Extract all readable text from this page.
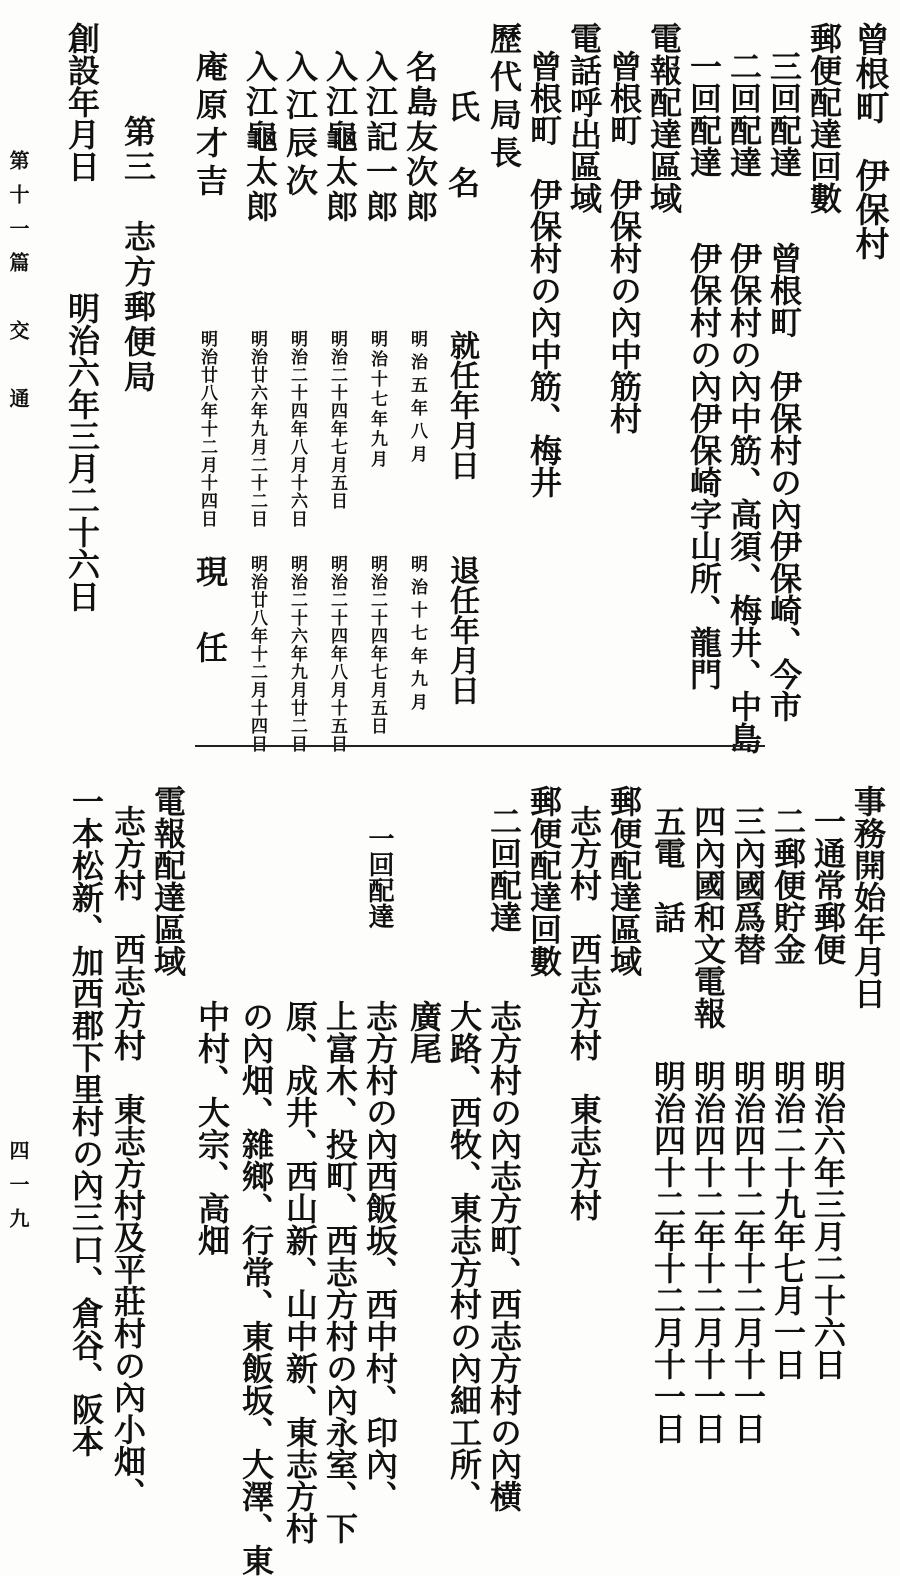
第十一篇　交　通
四一九
曾根町　伊保村
郵便配達回數
三回配達　　曾根町　伊保村の內伊保崎、今市
二回配達　　伊保村の內中筋、高須、梅井、中島
一回配達　　伊保村の內伊保崎字山所、龍門
電報配達區域
曾根町　伊保村の內中筋村
電話呼出區域
曾根町　伊保村の內中筋、梅井
歷代局長
氏　名
就任年月日
退任年月日
名島友次郎
明治五年八月
明治十七年九月
入江記一郎
明治十七年九月
明治二十四年七月五日
入江龜太郎
明治二十四年七月五日
明治二十四年八月十五日
入江辰次
明治二十四年八月十六日
明治二十六年九月廿二日
入江龜太郎
明治廿六年九月二十二日
明治廿八年十二月十四日
庵原才吉
明治廿八年十二月十四日
現　任
第三　志方郵便局
創設年月日
明治六年三月二十六日
事務開始年月日
一通常郵便
明治六年三月二十六日
二郵便貯金
明治二十九年七月一日
三內國爲替
明治四十二年十二月十一日
四內國和文電報
明治四十二年十二月十一日
五電　話
明治四十二年十二月十一日
郵便配達區域
志方村　西志方村　東志方村
郵便配達回數
二回配達
志方村の內志方町、西志方村の內横
大路、西牧、東志方村の內細工所、
廣尾
志方村の內西飯坂、西中村、印內、
上富木、投町、西志方村の內永室、下
一回配達
原、成井、西山新、山中新、東志方村
の內畑、雜鄉、行常、東飯坂、大澤、東
中村、大宗、高畑
電報配達區域
志方村　西志方村　東志方村及平莊村の內小畑、
一本松新、加西郡下里村の內三口、倉谷、阪本
